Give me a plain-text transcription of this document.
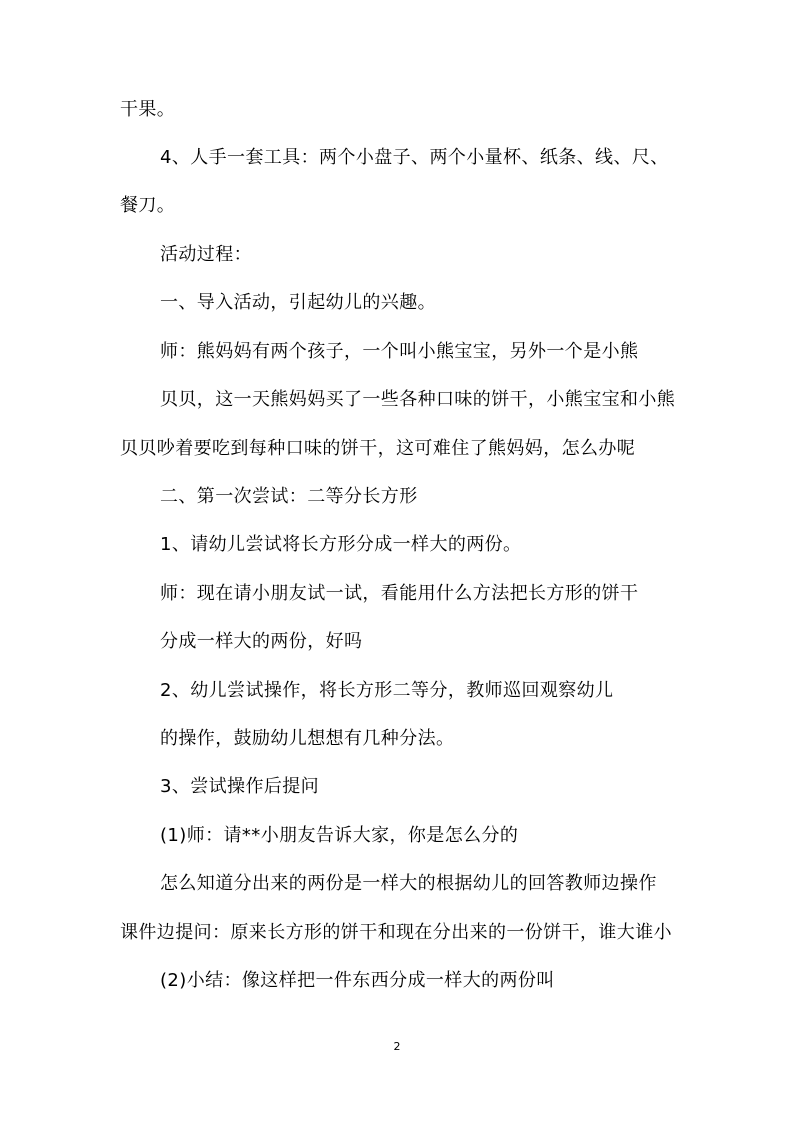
干果。
4、人手一套工具：两个小盘子、两个小量杯、纸条、线、尺、
餐刀。
活动过程：
一、导入活动，引起幼儿的兴趣。
师：熊妈妈有两个孩子，一个叫小熊宝宝，另外一个是小熊
贝贝，这一天熊妈妈买了一些各种口味的饼干，小熊宝宝和小熊
贝贝吵着要吃到每种口味的饼干，这可难住了熊妈妈，怎么办呢
二、第一次尝试：二等分长方形
1、请幼儿尝试将长方形分成一样大的两份。
师：现在请小朋友试一试，看能用什么方法把长方形的饼干
分成一样大的两份，好吗
2、幼儿尝试操作，将长方形二等分，教师巡回观察幼儿
的操作，鼓励幼儿想想有几种分法。
3、尝试操作后提问
(1)师：请**小朋友告诉大家，你是怎么分的
怎么知道分出来的两份是一样大的根据幼儿的回答教师边操作
课件边提问：原来长方形的饼干和现在分出来的一份饼干，谁大谁小
(2)小结：像这样把一件东西分成一样大的两份叫
2
